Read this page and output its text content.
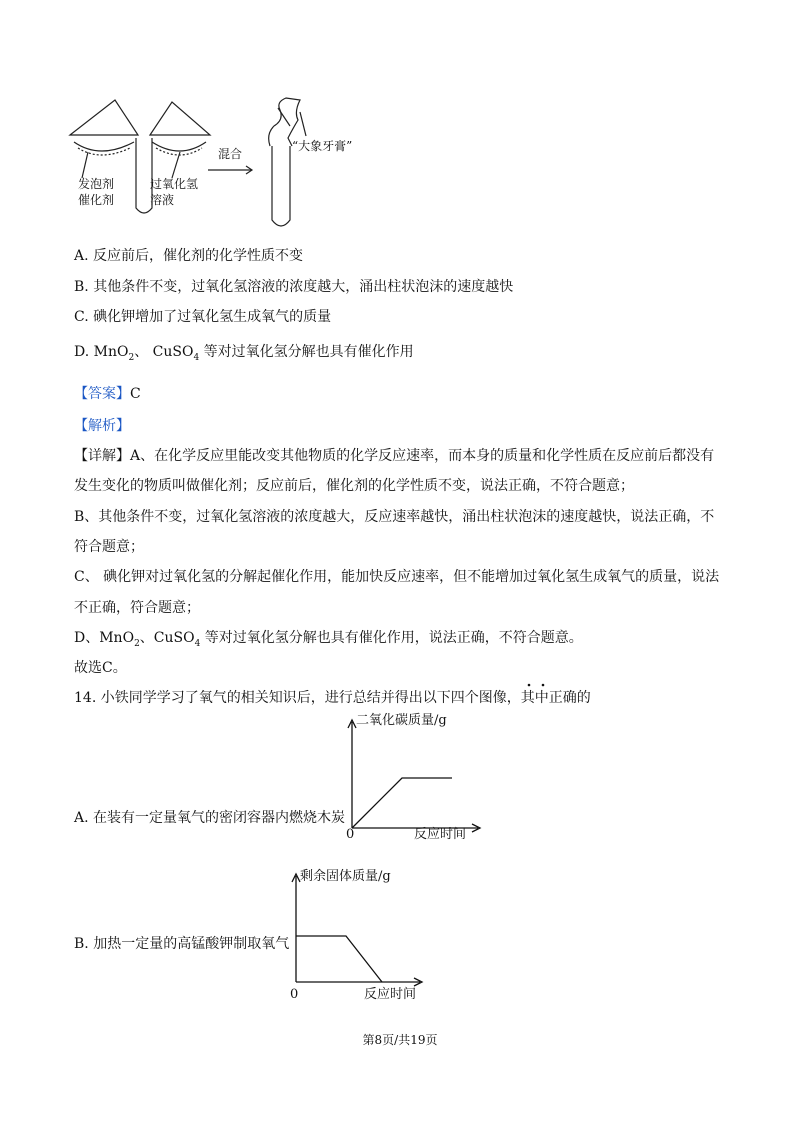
发泡剂
催化剂
过氧化氢
溶液
混合
“大象牙膏”
A. 反应前后，催化剂的化学性质不变
B. 其他条件不变，过氧化氢溶液的浓度越大，涌出柱状泡沫的速度越快
C. 碘化钾增加了过氧化氢生成氧气的质量
D. MnO$_2$、 CuSO$_4$ 等对过氧化氢分解也具有催化作用
【答案】C
【解析】
【详解】A、在化学反应里能改变其他物质的化学反应速率，而本身的质量和化学性质在反应前后都没有
发生变化的物质叫做催化剂；反应前后，催化剂的化学性质不变，说法正确，不符合题意；
B、其他条件不变，过氧化氢溶液的浓度越大，反应速率越快，涌出柱状泡沫的速度越快，说法正确，不
符合题意；
C、 碘化钾对过氧化氢的分解起催化作用，能加快反应速率，但不能增加过氧化氢生成氧气的质量，说法
不正确，符合题意；
D、MnO$_2$、CuSO$_4$ 等对过氧化氢分解也具有催化作用，说法正确，不符合题意。
故选C。
14. 小铁同学学习了氧气的相关知识后，进行总结并得出以下四个图像，其中正确的
A. 在装有一定量氧气的密闭容器内燃烧木炭
二氧化碳质量/g
0	反应时间
B. 加热一定量的高锰酸钾制取氧气
剩余固体质量/g
0	反应时间
第8页/共19页
